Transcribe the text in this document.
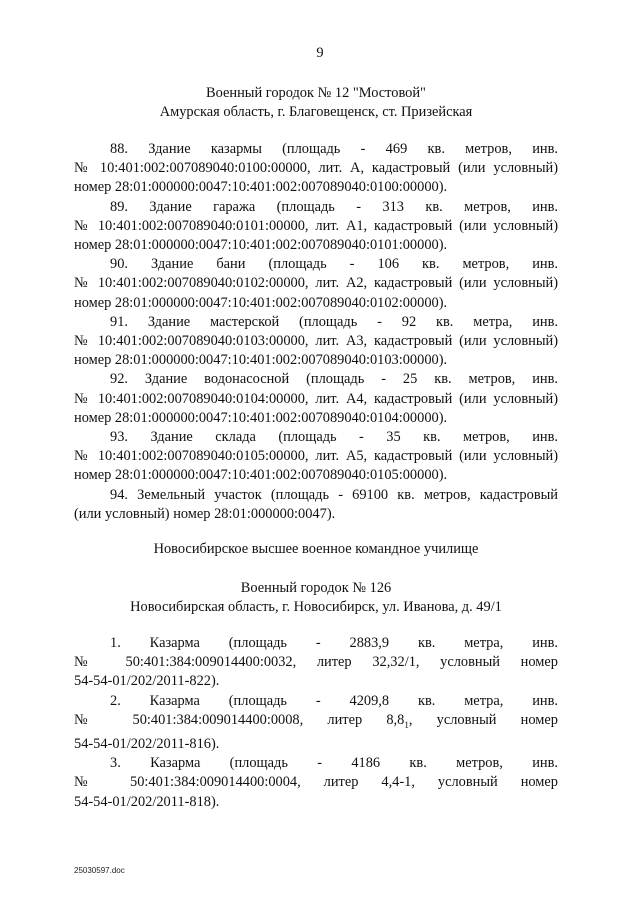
9
Военный городок № 12 "Мостовой"
Амурская область, г. Благовещенск, ст. Призейская

88. Здание казармы (площадь - 469 кв. метров, инв.
№ 10:401:002:007089040:0100:00000, лит. А, кадастровый (или условный)

номер 28:01:000000:0047:10:401:002:007089040:0100:00000).

89. Здание гаража (площадь - 313 кв. метров, инв.
№ 10:401:002:007089040:0101:00000, лит. А1, кадастровый (или условный)

номер 28:01:000000:0047:10:401:002:007089040:0101:00000).

90. Здание бани (площадь - 106 кв. метров, инв.
№ 10:401:002:007089040:0102:00000, лит. А2, кадастровый (или условный)

номер 28:01:000000:0047:10:401:002:007089040:0102:00000).

91. Здание мастерской (площадь - 92 кв. метра, инв.
№ 10:401:002:007089040:0103:00000, лит. А3, кадастровый (или условный)

номер 28:01:000000:0047:10:401:002:007089040:0103:00000).

92. Здание водонасосной (площадь - 25 кв. метров, инв.
№ 10:401:002:007089040:0104:00000, лит. А4, кадастровый (или условный)

номер 28:01:000000:0047:10:401:002:007089040:0104:00000).

93. Здание склада (площадь - 35 кв. метров, инв.
№ 10:401:002:007089040:0105:00000, лит. А5, кадастровый (или условный)

номер 28:01:000000:0047:10:401:002:007089040:0105:00000).

94. Земельный участок (площадь - 69100 кв. метров, кадастровый

(или условный) номер 28:01:000000:0047).

Новосибирское высшее военное командное училище
Военный городок № 126
Новосибирская область, г. Новосибирск, ул. Иванова, д. 49/1

1. Казарма (площадь - 2883,9 кв. метра, инв.
№ 50:401:384:009014400:0032, литер 32,32/1, условный номер

54-54-01/202/2011-822).

2. Казарма (площадь - 4209,8 кв. метра, инв.
№ 50:401:384:009014400:0008, литер $8,8_1$, условный номер

54-54-01/202/2011-816).

3. Казарма (площадь - 4186 кв. метров, инв.
№ 50:401:384:009014400:0004, литер 4,4-1, условный номер

54-54-01/202/2011-818).

25030597.doc
